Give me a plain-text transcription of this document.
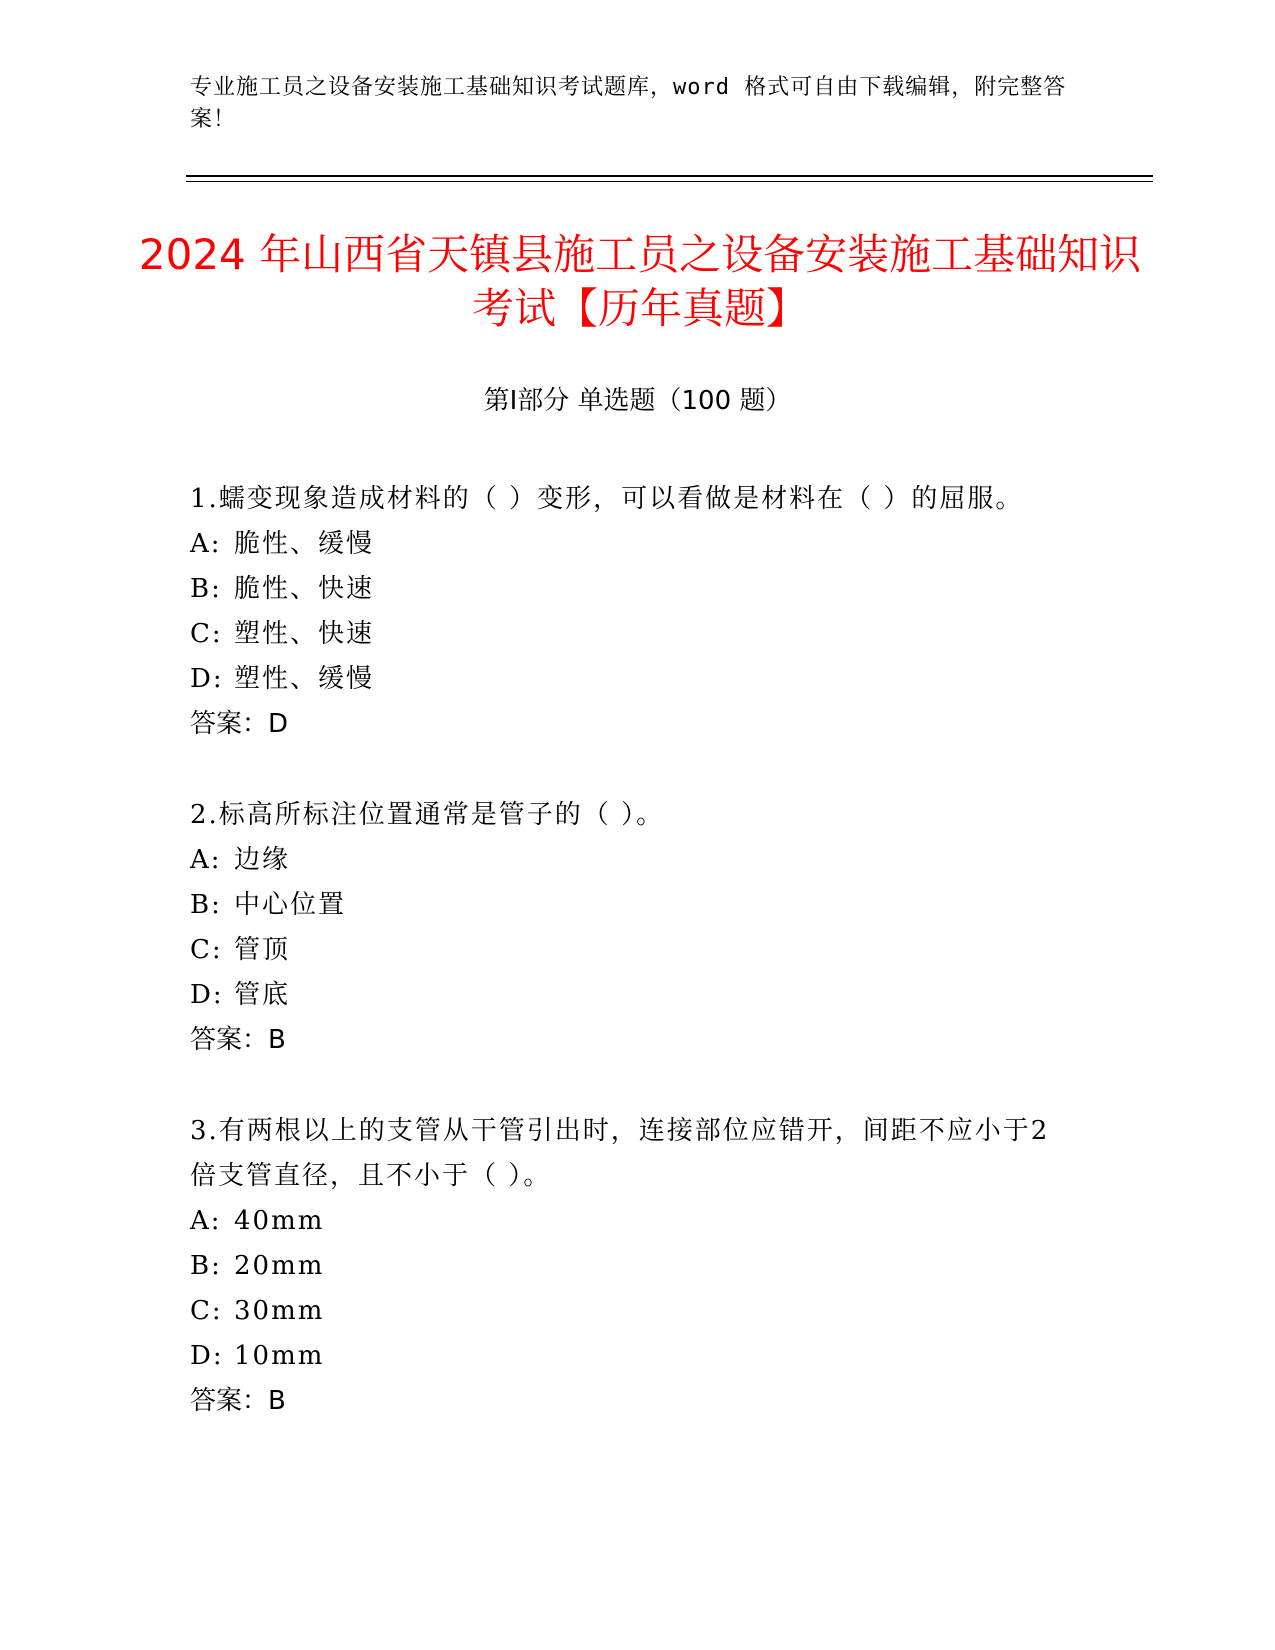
专业施工员之设备安装施工基础知识考试题库，word 格式可自由下载编辑，附完整答案！
2024 年山西省天镇县施工员之设备安装施工基础知识考试【历年真题】
第Ⅰ部分 单选题（100 题）
1.蠕变现象造成材料的（ ）变形，可以看做是材料在（ ）的屈服。
A: 脆性、缓慢
B: 脆性、快速
C: 塑性、快速
D: 塑性、缓慢
答案：D
2.标高所标注位置通常是管子的（ ）。
A: 边缘
B: 中心位置
C: 管顶
D: 管底
答案：B
3.有两根以上的支管从干管引出时，连接部位应错开，间距不应小于2 倍支管直径，且不小于（ ）。
A: 40mm
B: 20mm
C: 30mm
D: 10mm
答案：B
